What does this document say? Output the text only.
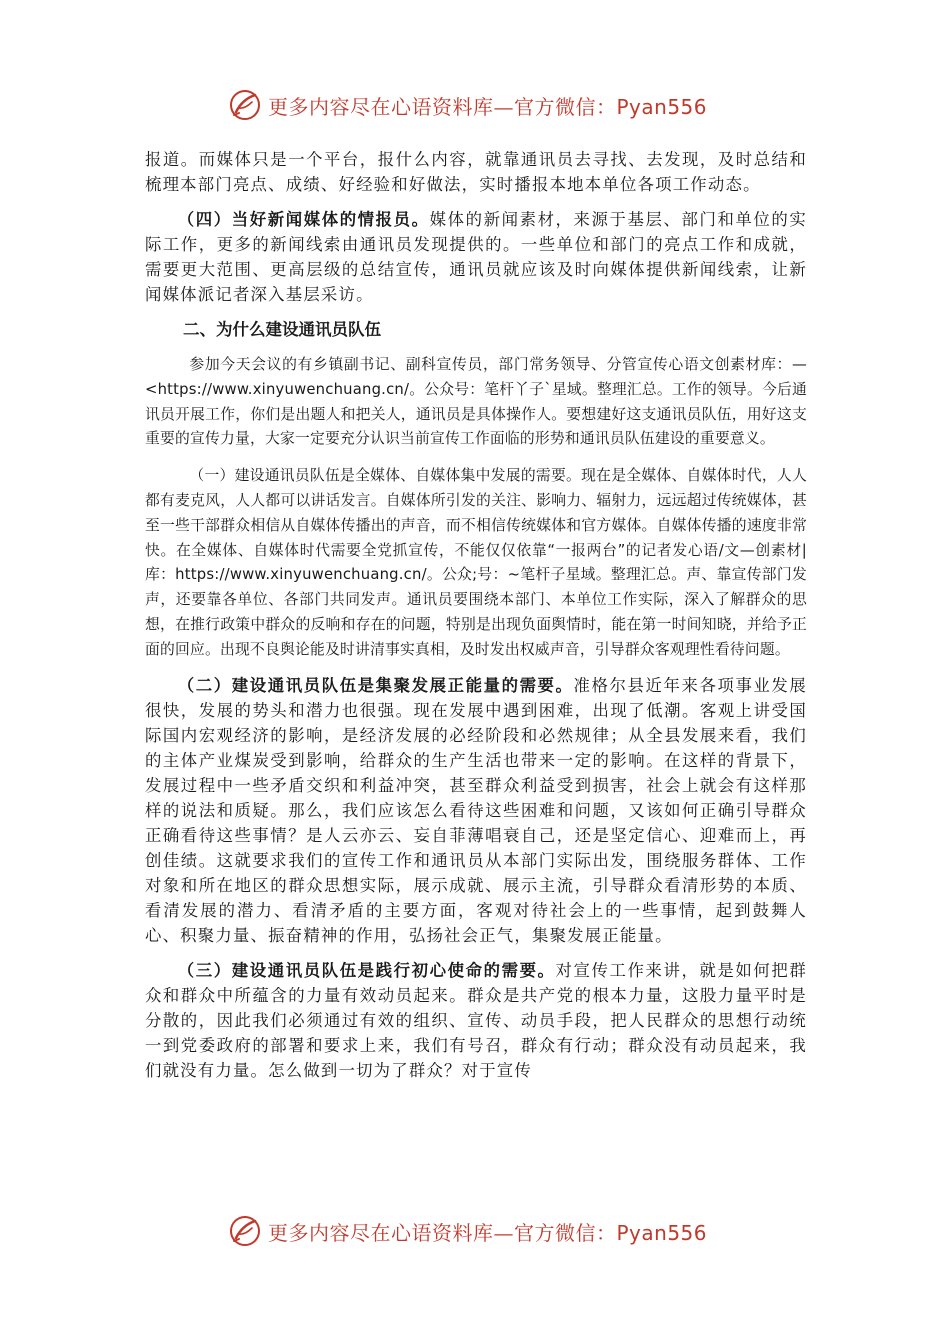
更多内容尽在心语资料库—官方微信：Pyan556

报道。而媒体只是一个平台，报什么内容，就靠通讯员去寻找、去发现，及时总结和梳理本部门亮点、成绩、好经验和好做法，实时播报本地本单位各项工作动态。

（四）当好新闻媒体的情报员。媒体的新闻素材，来源于基层、部门和单位的实际工作，更多的新闻线索由通讯员发现提供的。一些单位和部门的亮点工作和成就，需要更大范围、更高层级的总结宣传，通讯员就应该及时向媒体提供新闻线索，让新闻媒体派记者深入基层采访。

二、为什么建设通讯员队伍

参加今天会议的有乡镇副书记、副科宣传员，部门常务领导、分管宣传心语文创素材库：—<https://www.xinyuwenchuang.cn/。公众号：笔杆丫子`星域。整理汇总。工作的领导。今后通讯员开展工作，你们是出题人和把关人，通讯员是具体操作人。要想建好这支通讯员队伍，用好这支重要的宣传力量，大家一定要充分认识当前宣传工作面临的形势和通讯员队伍建设的重要意义。

（一）建设通讯员队伍是全媒体、自媒体集中发展的需要。现在是全媒体、自媒体时代，人人都有麦克风，人人都可以讲话发言。自媒体所引发的关注、影响力、辐射力，远远超过传统媒体，甚至一些干部群众相信从自媒体传播出的声音，而不相信传统媒体和官方媒体。自媒体传播的速度非常快。在全媒体、自媒体时代需要全党抓宣传，不能仅仅依靠“一报两台”的记者发心语/文—创素材|库：https://www.xinyuwenchuang.cn/。公众;号：~笔杆子星域。整理汇总。声、靠宣传部门发声，还要靠各单位、各部门共同发声。通讯员要围绕本部门、本单位工作实际，深入了解群众的思想，在推行政策中群众的反响和存在的问题，特别是出现负面舆情时，能在第一时间知晓，并给予正面的回应。出现不良舆论能及时讲清事实真相，及时发出权威声音，引导群众客观理性看待问题。

（二）建设通讯员队伍是集聚发展正能量的需要。准格尔县近年来各项事业发展很快，发展的势头和潜力也很强。现在发展中遇到困难，出现了低潮。客观上讲受国际国内宏观经济的影响，是经济发展的必经阶段和必然规律；从全县发展来看，我们的主体产业煤炭受到影响，给群众的生产生活也带来一定的影响。在这样的背景下，发展过程中一些矛盾交织和利益冲突，甚至群众利益受到损害，社会上就会有这样那样的说法和质疑。那么，我们应该怎么看待这些困难和问题，又该如何正确引导群众正确看待这些事情？是人云亦云、妄自菲薄唱衰自己，还是坚定信心、迎难而上，再创佳绩。这就要求我们的宣传工作和通讯员从本部门实际出发，围绕服务群体、工作对象和所在地区的群众思想实际，展示成就、展示主流，引导群众看清形势的本质、看清发展的潜力、看清矛盾的主要方面，客观对待社会上的一些事情，起到鼓舞人心、积聚力量、振奋精神的作用，弘扬社会正气，集聚发展正能量。

（三）建设通讯员队伍是践行初心使命的需要。对宣传工作来讲，就是如何把群众和群众中所蕴含的力量有效动员起来。群众是共产党的根本力量，这股力量平时是分散的，因此我们必须通过有效的组织、宣传、动员手段，把人民群众的思想行动统一到党委政府的部署和要求上来，我们有号召，群众有行动；群众没有动员起来，我们就没有力量。怎么做到一切为了群众？对于宣传

更多内容尽在心语资料库—官方微信：Pyan556
